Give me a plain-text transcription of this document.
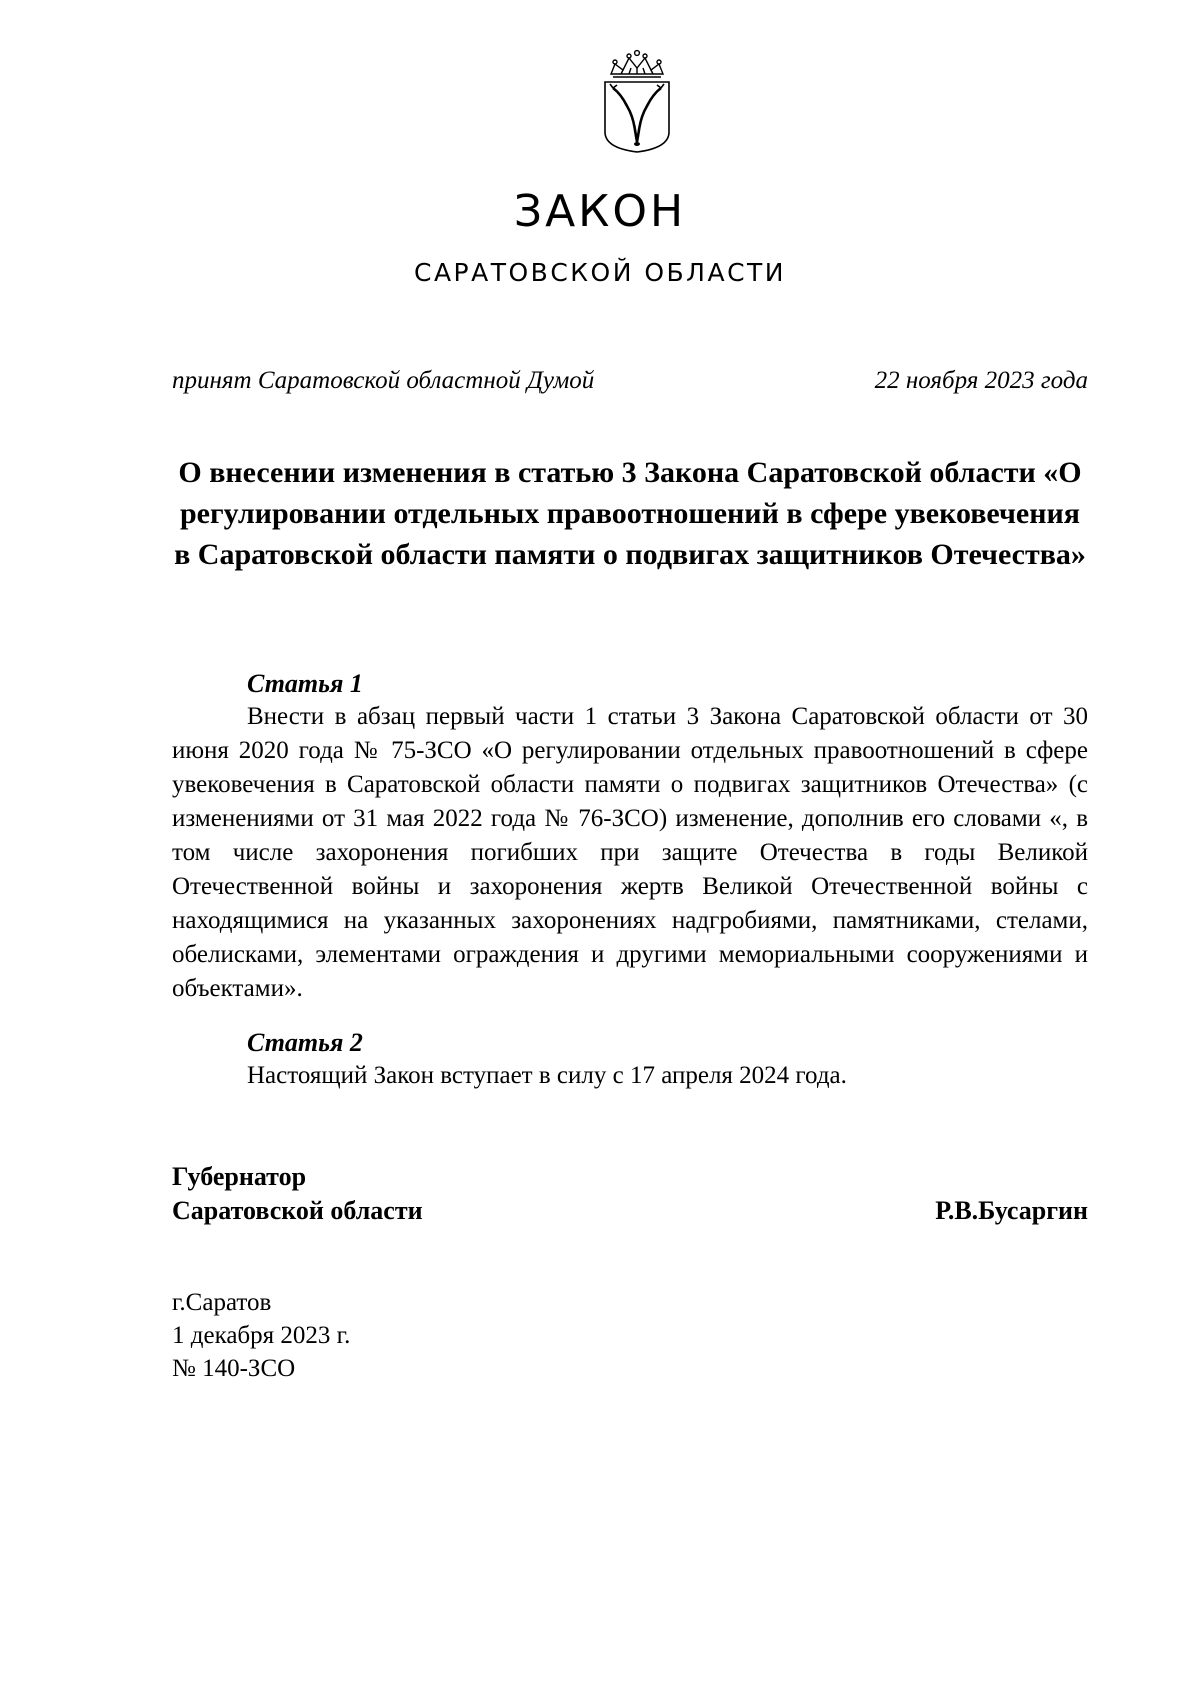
ЗАКОН
САРАТОВСКОЙ ОБЛАСТИ
принят Саратовской областной Думой	22 ноября 2023 года
О внесении изменения в статью 3 Закона Саратовской области «О регулировании отдельных правоотношений в сфере увековечения в Саратовской области памяти о подвигах защитников Отечества»
Статья 1
Внести в абзац первый части 1 статьи 3 Закона Саратовской области от 30 июня 2020 года № 75-ЗСО «О регулировании отдельных правоотношений в сфере увековечения в Саратовской области памяти о подвигах защитников Отечества» (с изменениями от 31 мая 2022 года № 76-ЗСО) изменение, дополнив его словами «, в том числе захоронения погибших при защите Отечества в годы Великой Отечественной войны и захоронения жертв Великой Отечественной войны с находящимися на указанных захоронениях надгробиями, памятниками, стелами, обелисками, элементами ограждения и другими мемориальными сооружениями и объектами».
Статья 2
Настоящий Закон вступает в силу с 17 апреля 2024 года.
Губернатор
Саратовской области	Р.В.Бусаргин
г.Саратов
1 декабря 2023 г.
№ 140-ЗСО
